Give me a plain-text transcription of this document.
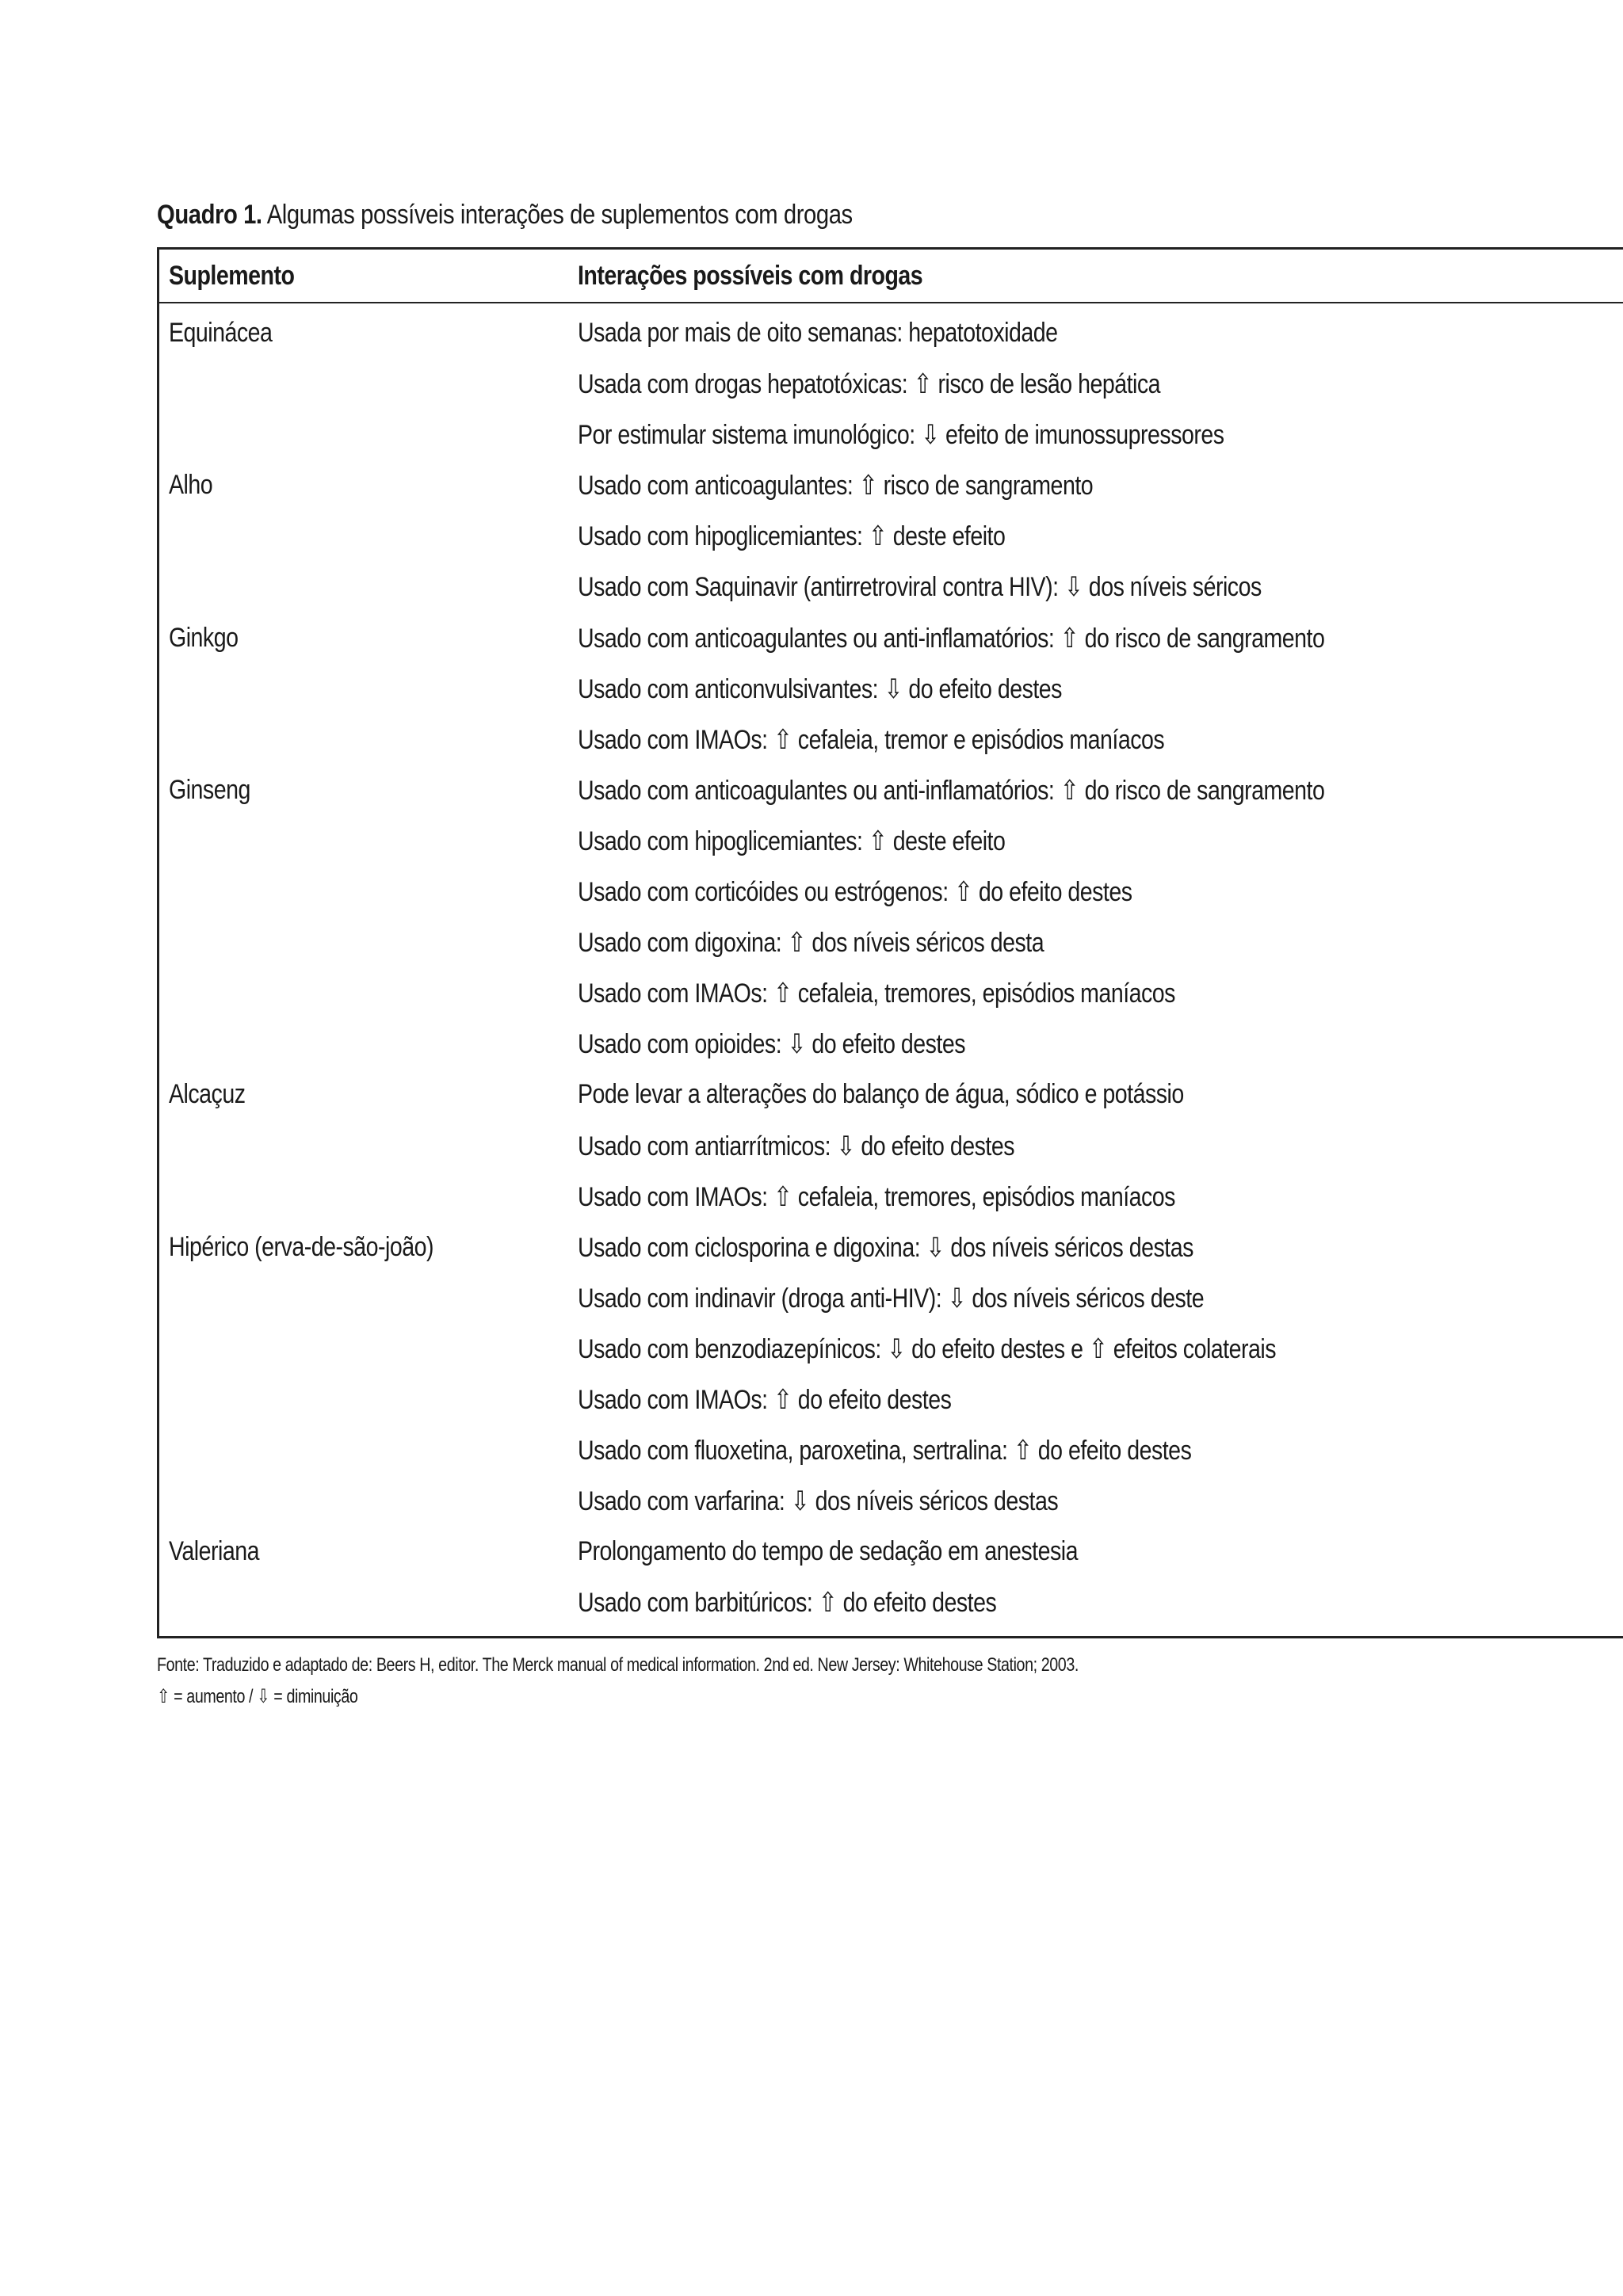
Quadro 1. Algumas possíveis interações de suplementos com drogas
Suplemento	Interações possíveis com drogas
Equinácea	Usada por mais de oito semanas: hepatotoxidade
Usada com drogas hepatotóxicas: ⇧ risco de lesão hepática
Por estimular sistema imunológico: ⇩ efeito de imunossupressores
Alho	Usado com anticoagulantes: ⇧ risco de sangramento
Usado com hipoglicemiantes: ⇧ deste efeito
Usado com Saquinavir (antirretroviral contra HIV): ⇩ dos níveis séricos
Ginkgo	Usado com anticoagulantes ou anti-inflamatórios: ⇧ do risco de sangramento
Usado com anticonvulsivantes: ⇩ do efeito destes
Usado com IMAOs: ⇧ cefaleia, tremor e episódios maníacos
Ginseng	Usado com anticoagulantes ou anti-inflamatórios: ⇧ do risco de sangramento
Usado com hipoglicemiantes: ⇧ deste efeito
Usado com corticóides ou estrógenos: ⇧ do efeito destes
Usado com digoxina: ⇧ dos níveis séricos desta
Usado com IMAOs: ⇧ cefaleia, tremores, episódios maníacos
Usado com opioides: ⇩ do efeito destes
Alcaçuz	Pode levar a alterações do balanço de água, sódico e potássio
Usado com antiarrítmicos: ⇩ do efeito destes
Usado com IMAOs: ⇧ cefaleia, tremores, episódios maníacos
Hipérico (erva-de-são-joão)	Usado com ciclosporina e digoxina: ⇩ dos níveis séricos destas
Usado com indinavir (droga anti-HIV): ⇩ dos níveis séricos deste
Usado com benzodiazepínicos: ⇩ do efeito destes e ⇧ efeitos colaterais
Usado com IMAOs: ⇧ do efeito destes
Usado com fluoxetina, paroxetina, sertralina: ⇧ do efeito destes
Usado com varfarina: ⇩ dos níveis séricos destas
Valeriana	Prolongamento do tempo de sedação em anestesia
Usado com barbitúricos: ⇧ do efeito destes
Fonte: Traduzido e adaptado de: Beers H, editor. The Merck manual of medical information. 2nd ed. New Jersey: Whitehouse Station; 2003.
⇧ = aumento / ⇩ = diminuição
